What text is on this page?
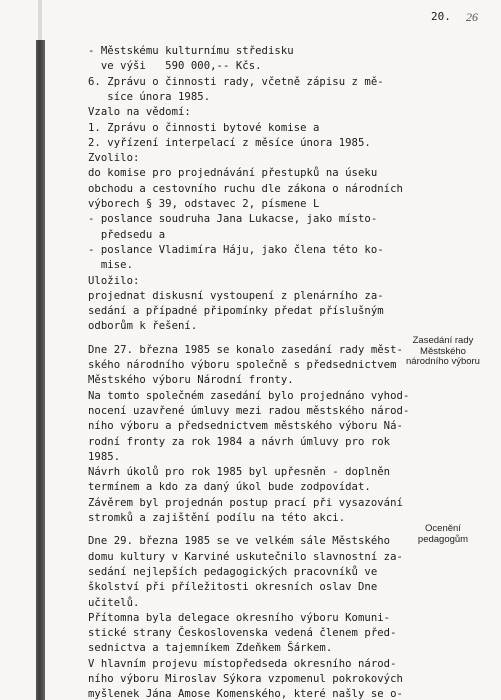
20. 26
- Městskému kulturnímu středisku
ve výši   590 000,-- Kčs.
6. Zprávu o činnosti rady, včetně zápisu z mě-
síce února 1985.
Vzalo na vědomí:
1. Zprávu o činnosti bytové komise a
2. vyřízení interpelací z měsíce února 1985.
Zvolilo:
do komise pro projednávání přestupků na úseku
obchodu a cestovního ruchu dle zákona o národních
výborech § 39, odstavec 2, písmene L
- poslance soudruha Jana Lukacse, jako místo-
předsedu a
- poslance Vladimíra Háju, jako člena této ko-
mise.
Uložilo:
projednat diskusní vystoupení z plenárního za-
sedání a případné připomínky předat příslušným
odborům k řešení.
Dne 27. března 1985 se konalo zasedání rady měst-
ského národního výboru společně s předsednictvem
Městského výboru Národní fronty.
Na tomto společném zasedání bylo projednáno vyhod-
nocení uzavřené úmluvy mezi radou městského národ-
ního výboru a předsednictvem městského výboru Ná-
rodní fronty za rok 1984 a návrh úmluvy pro rok
1985.
Návrh úkolů pro rok 1985 byl upřesněn - doplněn
termínem a kdo za daný úkol bude zodpovídat.
Závěrem byl projednán postup prací při vysazování
stromků a zajištění podílu na této akci.
Dne 29. března 1985 se ve velkém sále Městského
domu kultury v Karviné uskutečnilo slavnostní za-
sedání nejlepších pedagogických pracovníků ve
školství při příležitosti okresních oslav Dne
učitelů.
Přítomna byla delegace okresního výboru Komuni-
stické strany Československa vedená členem před-
sednictva a tajemníkem Zdeňkem Šárkem.
V hlavním projevu místopředseda okresního národ-
ního výboru Miroslav Sýkora vzpomenul pokrokových
myšlenek Jána Amose Komenského, které našly se o-
Zasedání rady Městského národního výboru
Ocenění pedagogům
